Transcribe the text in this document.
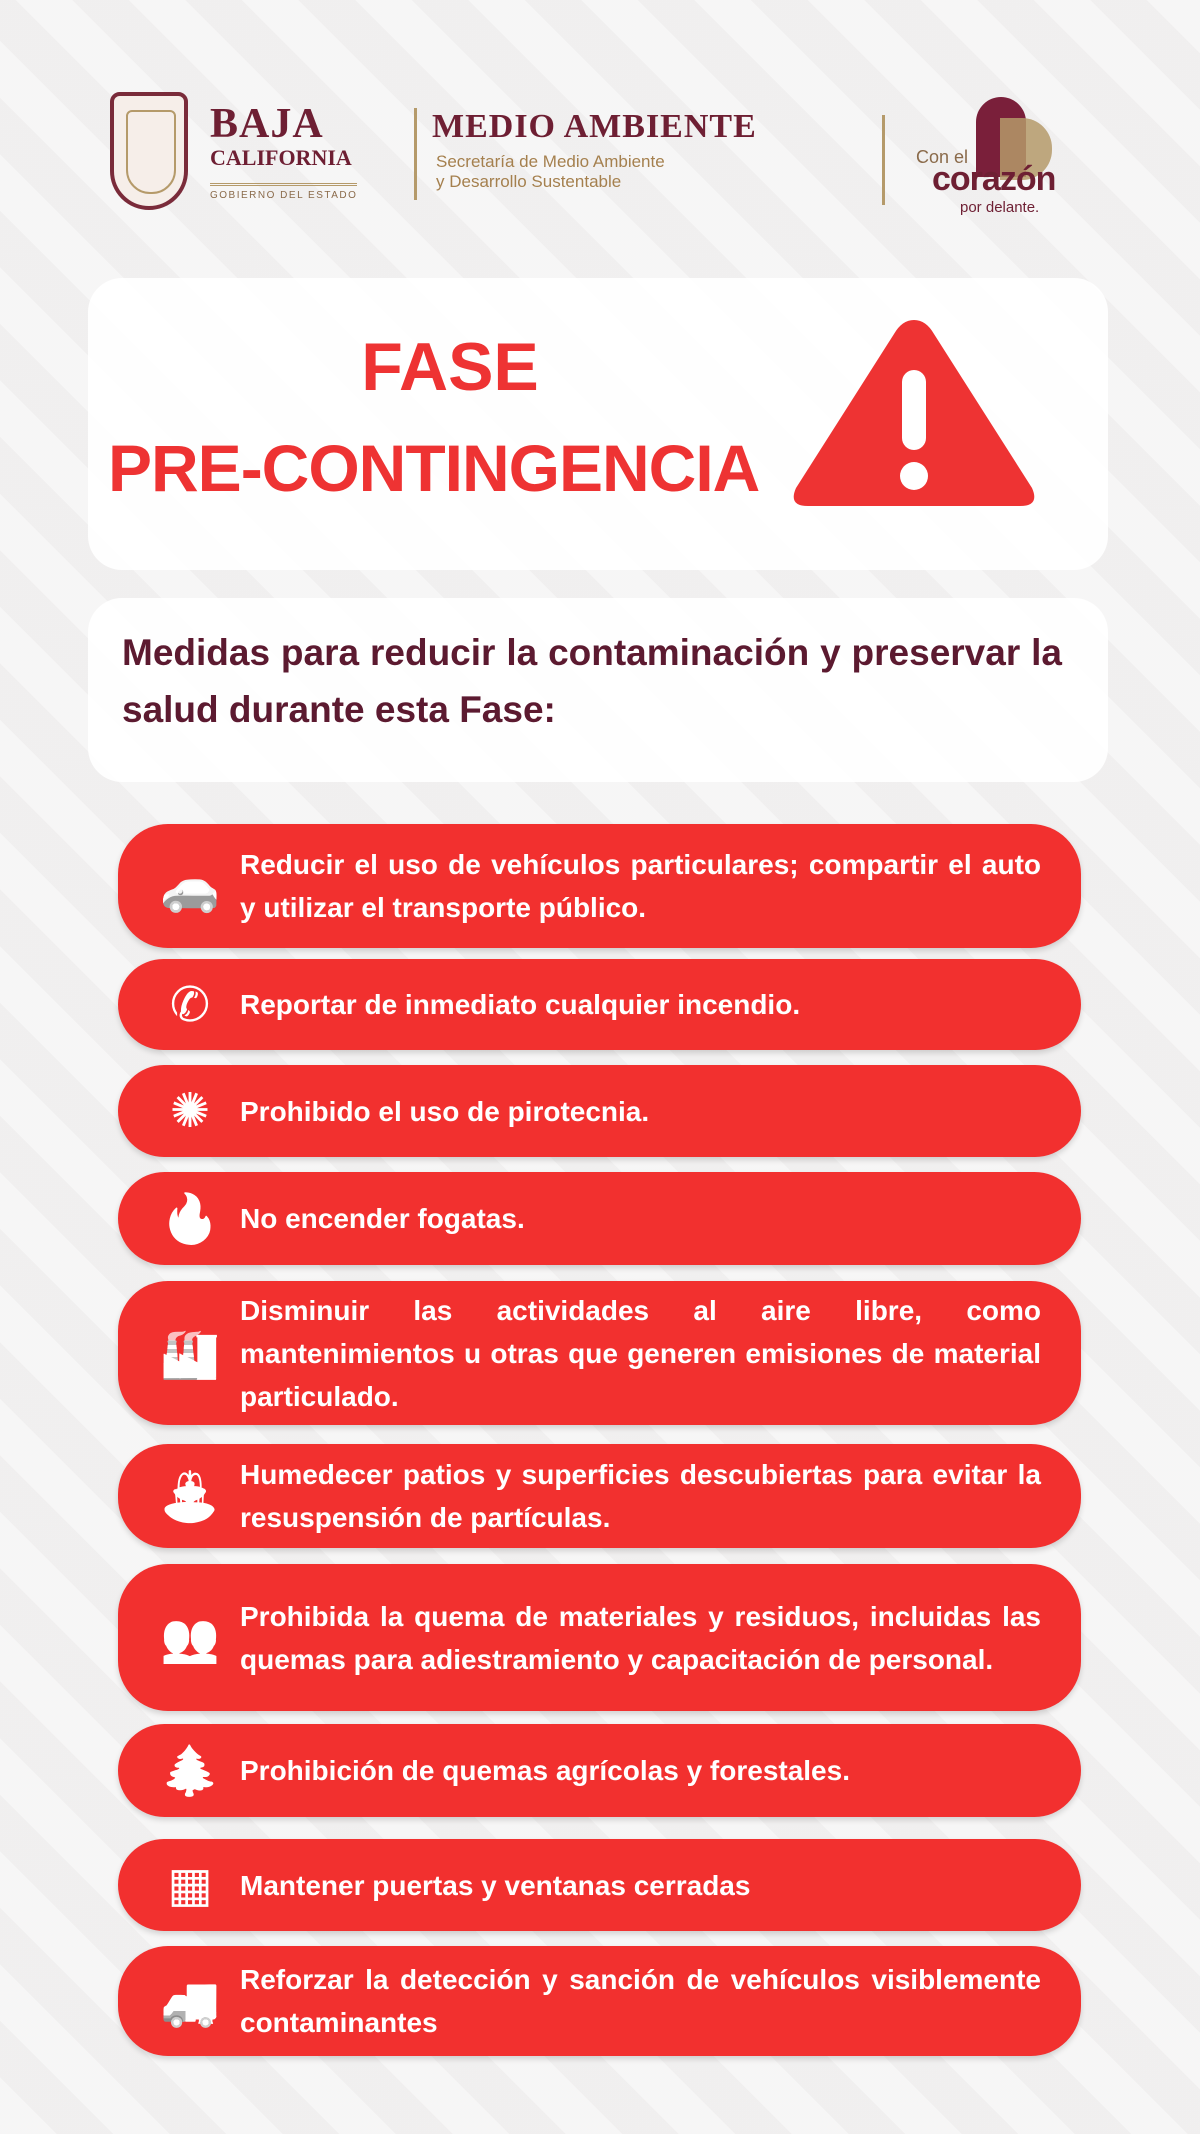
BAJA
CALIFORNIA
GOBIERNO DEL ESTADO
MEDIO AMBIENTE
Secretaría de Medio Ambiente
y Desarrollo Sustentable
Con el
corazón
por delante.
FASE
PRE-CONTINGENCIA
Medidas para reducir la contaminación y preservar la salud durante esta Fase:
🚗 Reducir el uso de vehículos particulares; compartir el auto y utilizar el transporte público.
✆	Reportar de inmediato cualquier incendio.
✺	Prohibido el uso de pirotecnia.
🔥 No encender fogatas.
🏭
Disminuir las actividades al aire libre, como mantenimientos u otras que generen emisiones de material particulado.
⛲ Humedecer patios y superficies descubiertas para evitar la resuspensión de partículas.
👥 Prohibida la quema de materiales y residuos, incluidas las quemas para adiestramiento y capacitación de personal.
🌲 Prohibición de quemas agrícolas y forestales.
▦ Mantener puertas y ventanas cerradas
🚚 Reforzar la detección y sanción de vehículos visiblemente contaminantes
